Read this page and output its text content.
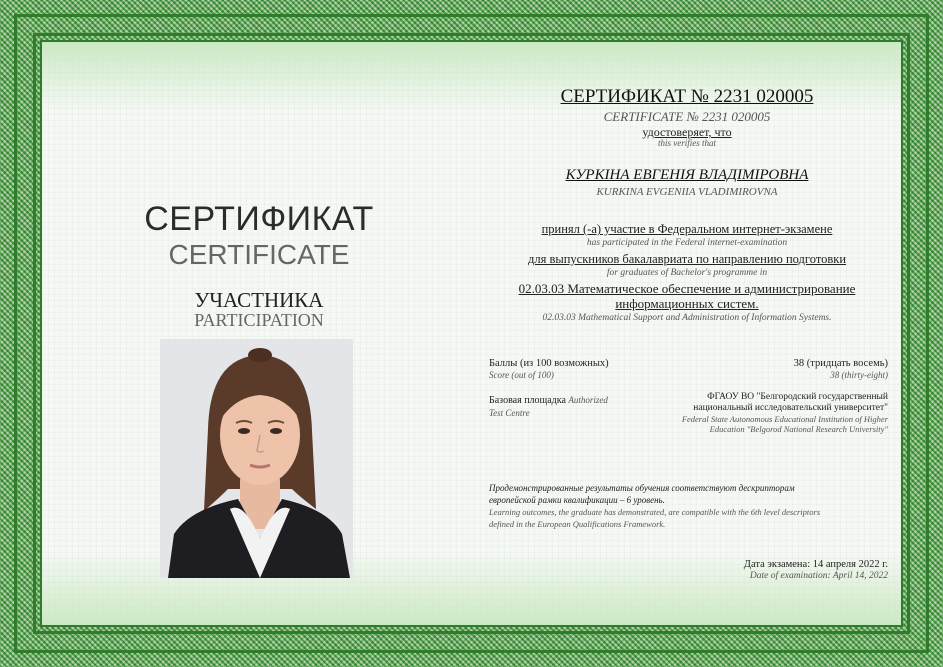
СЕРТИФИКАТ
CERTIFICATE
УЧАСТНИКА
PARTICIPATION
СЕРТИФИКАТ № 2231 020005
CERTIFICATE № 2231 020005
удостоверяет, что
this verifies that
КУРКІНА ЕВГЕНІЯ ВЛАДІМІРОВНА
KURKINA EVGENIIA VLADIMIROVNA
принял (-а) участие в Федеральном интернет-экзамене
has participated in the Federal internet-examination
для выпускников бакалавриата по направлению подготовки
for graduates of Bachelor's programme in
02.03.03 Математическое обеспечение и администрирование
информационных систем.
02.03.03 Mathematical Support and Administration of Information Systems.
Баллы (из 100 возможных)
Score (out of 100)
38 (тридцать восемь)
38 (thirty-eight)
Базовая площадка Authorized
Test Centre
ФГАОУ ВО "Белгородский государственный
национальный исследовательский университет"
Federal State Autonomous Educational Institution of Higher
Education "Belgorod National Research University"
Продемонстрированные результаты обучения соответствуют дескрипторам
европейской рамки квалификации – 6 уровень.
Learning outcomes, the graduate has demonstrated, are compatible with the 6th level descriptors
defined in the European Qualifications Framework.
Дата экзамена: 14 апреля 2022 г.
Date of examination: April 14, 2022
